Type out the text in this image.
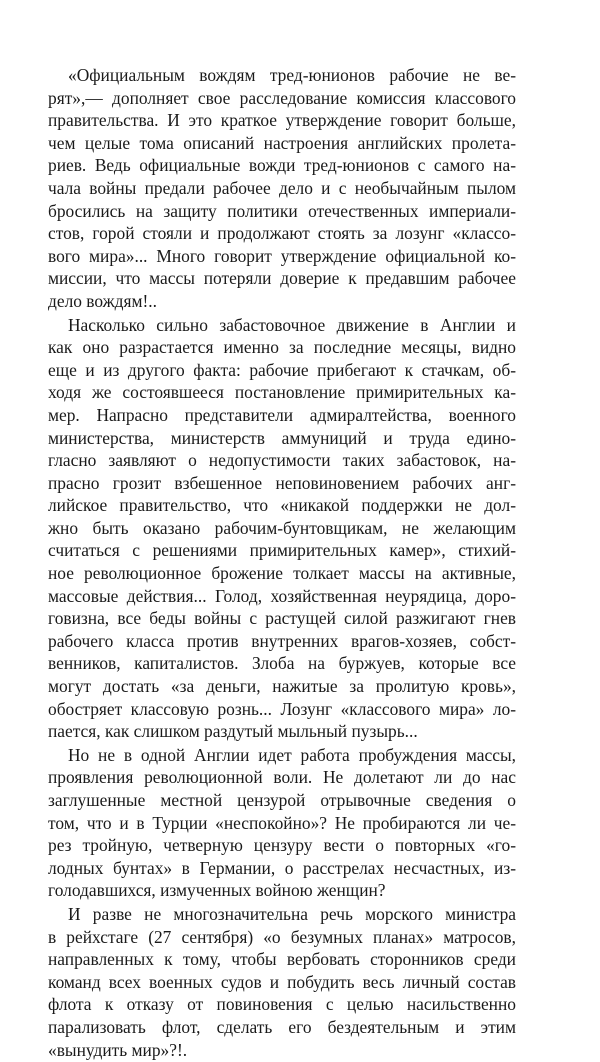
«Официальным вождям тред-юнионов рабочие не ве-
рят»,— дополняет свое расследование комиссия классового
правительства. И это краткое утверждение говорит больше,
чем целые тома описаний настроения английских пролета-
риев. Ведь официальные вожди тред-юнионов с самого на-
чала войны предали рабочее дело и с необычайным пылом
бросились на защиту политики отечественных империали-
стов, горой стояли и продолжают стоять за лозунг «классо-
вого мира»... Много говорит утверждение официальной ко-
миссии, что массы потеряли доверие к предавшим рабочее
дело вождям!..
Насколько сильно забастовочное движение в Англии и
как оно разрастается именно за последние месяцы, видно
еще и из другого факта: рабочие прибегают к стачкам, об-
ходя же состоявшееся постановление примирительных ка-
мер. Напрасно представители адмиралтейства, военного
министерства, министерств аммуниций и труда едино-
гласно заявляют о недопустимости таких забастовок, на-
прасно грозит взбешенное неповиновением рабочих анг-
лийское правительство, что «никакой поддержки не дол-
жно быть оказано рабочим-бунтовщикам, не желающим
считаться с решениями примирительных камер», стихий-
ное революционное брожение толкает массы на активные,
массовые действия... Голод, хозяйственная неурядица, доро-
говизна, все беды войны с растущей силой разжигают гнев
рабочего класса против внутренних врагов-хозяев, собст-
венников, капиталистов. Злоба на буржуев, которые все
могут достать «за деньги, нажитые за пролитую кровь»,
обостряет классовую рознь... Лозунг «классового мира» ло-
пается, как слишком раздутый мыльный пузырь...
Но не в одной Англии идет работа пробуждения массы,
проявления революционной воли. Не долетают ли до нас
заглушенные местной цензурой отрывочные сведения о
том, что и в Турции «неспокойно»? Не пробираются ли че-
рез тройную, четверную цензуру вести о повторных «го-
лодных бунтах» в Германии, о расстрелах несчастных, из-
голодавшихся, измученных войною женщин?
И разве не многозначительна речь морского министра
в рейхстаге (27 сентября) «о безумных планах» матросов,
направленных к тому, чтобы вербовать сторонников среди
команд всех военных судов и побудить весь личный состав
флота к отказу от повиновения с целью насильственно
парализовать флот, сделать его бездеятельным и этим
«вынудить мир»?!.
